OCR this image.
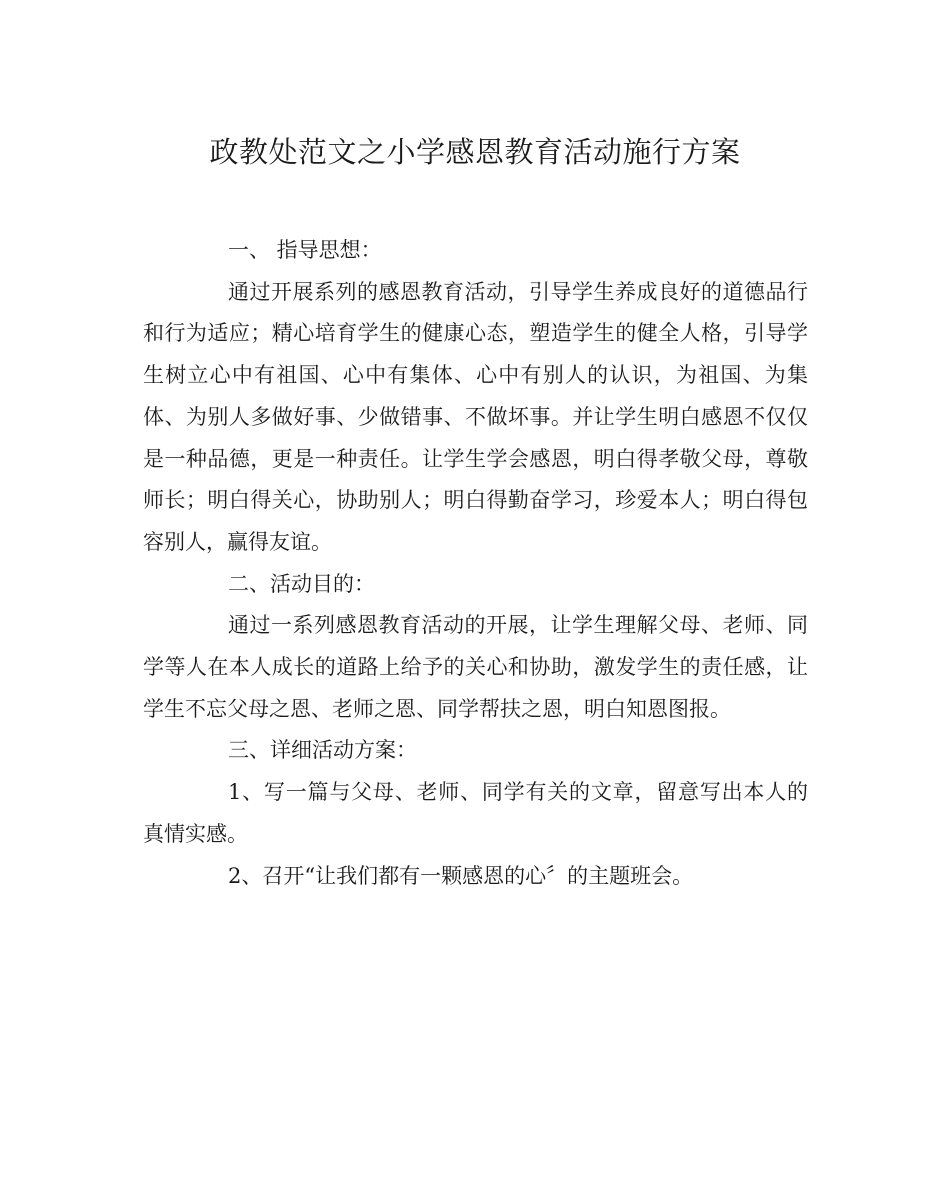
政教处范文之小学感恩教育活动施行方案

一、 指导思想：

通过开展系列的感恩教育活动，引导学生养成良好的道德品行和行为适应；精心培育学生的健康心态，塑造学生的健全人格，引导学生树立心中有祖国、心中有集体、心中有别人的认识，为祖国、为集体、为别人多做好事、少做错事、不做坏事。并让学生明白感恩不仅仅是一种品德，更是一种责任。让学生学会感恩，明白得孝敬父母，尊敬师长；明白得关心，协助别人；明白得勤奋学习，珍爱本人；明白得包容别人，赢得友谊。

二、活动目的：

通过一系列感恩教育活动的开展，让学生理解父母、老师、同学等人在本人成长的道路上给予的关心和协助，激发学生的责任感，让学生不忘父母之恩、老师之恩、同学帮扶之恩，明白知恩图报。

三、详细活动方案：

1、写一篇与父母、老师、同学有关的文章，留意写出本人的真情实感。

2、召开“让我们都有一颗感恩的心〞的主题班会。
